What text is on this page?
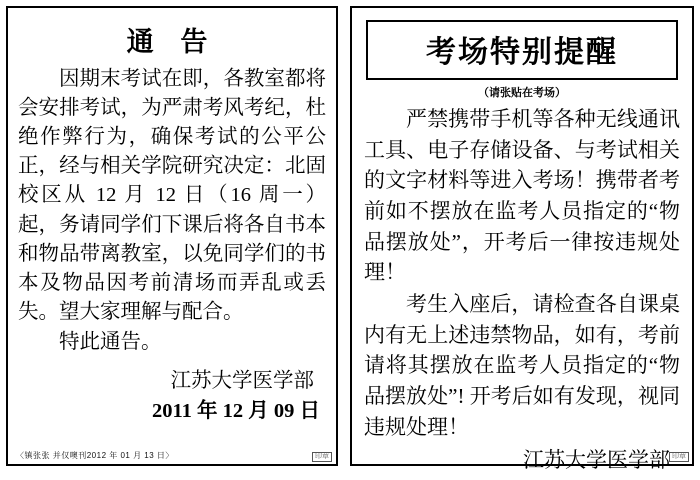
通 告

因期末考试在即，各教室都将会安排考试，为严肃考风考纪，杜绝作弊行为，确保考试的公平公正，经与相关学院研究决定：北固校区从 12 月 12 日（16 周一）起，务请同学们下课后将各自书本和物品带离教室，以免同学们的书本及物品因考前清场而弄乱或丢失。望大家理解与配合。

特此通告。

江苏大学医学部
2011 年 12 月 09 日
〈镇张张 并仅噢刊2012 年 01 月 13 日〉	印章
考场特别提醒
（请张贴在考场）

严禁携带手机等各种无线通讯工具、电子存储设备、与考试相关的文字材料等进入考场！携带者考前如不摆放在监考人员指定的“物品摆放处”，开考后一律按违规处理！

考生入座后，请检查各自课桌内有无上述违禁物品，如有，考前请将其摆放在监考人员指定的“物品摆放处”! 开考后如有发现，视同违规处理！

江苏大学医学部 印章
